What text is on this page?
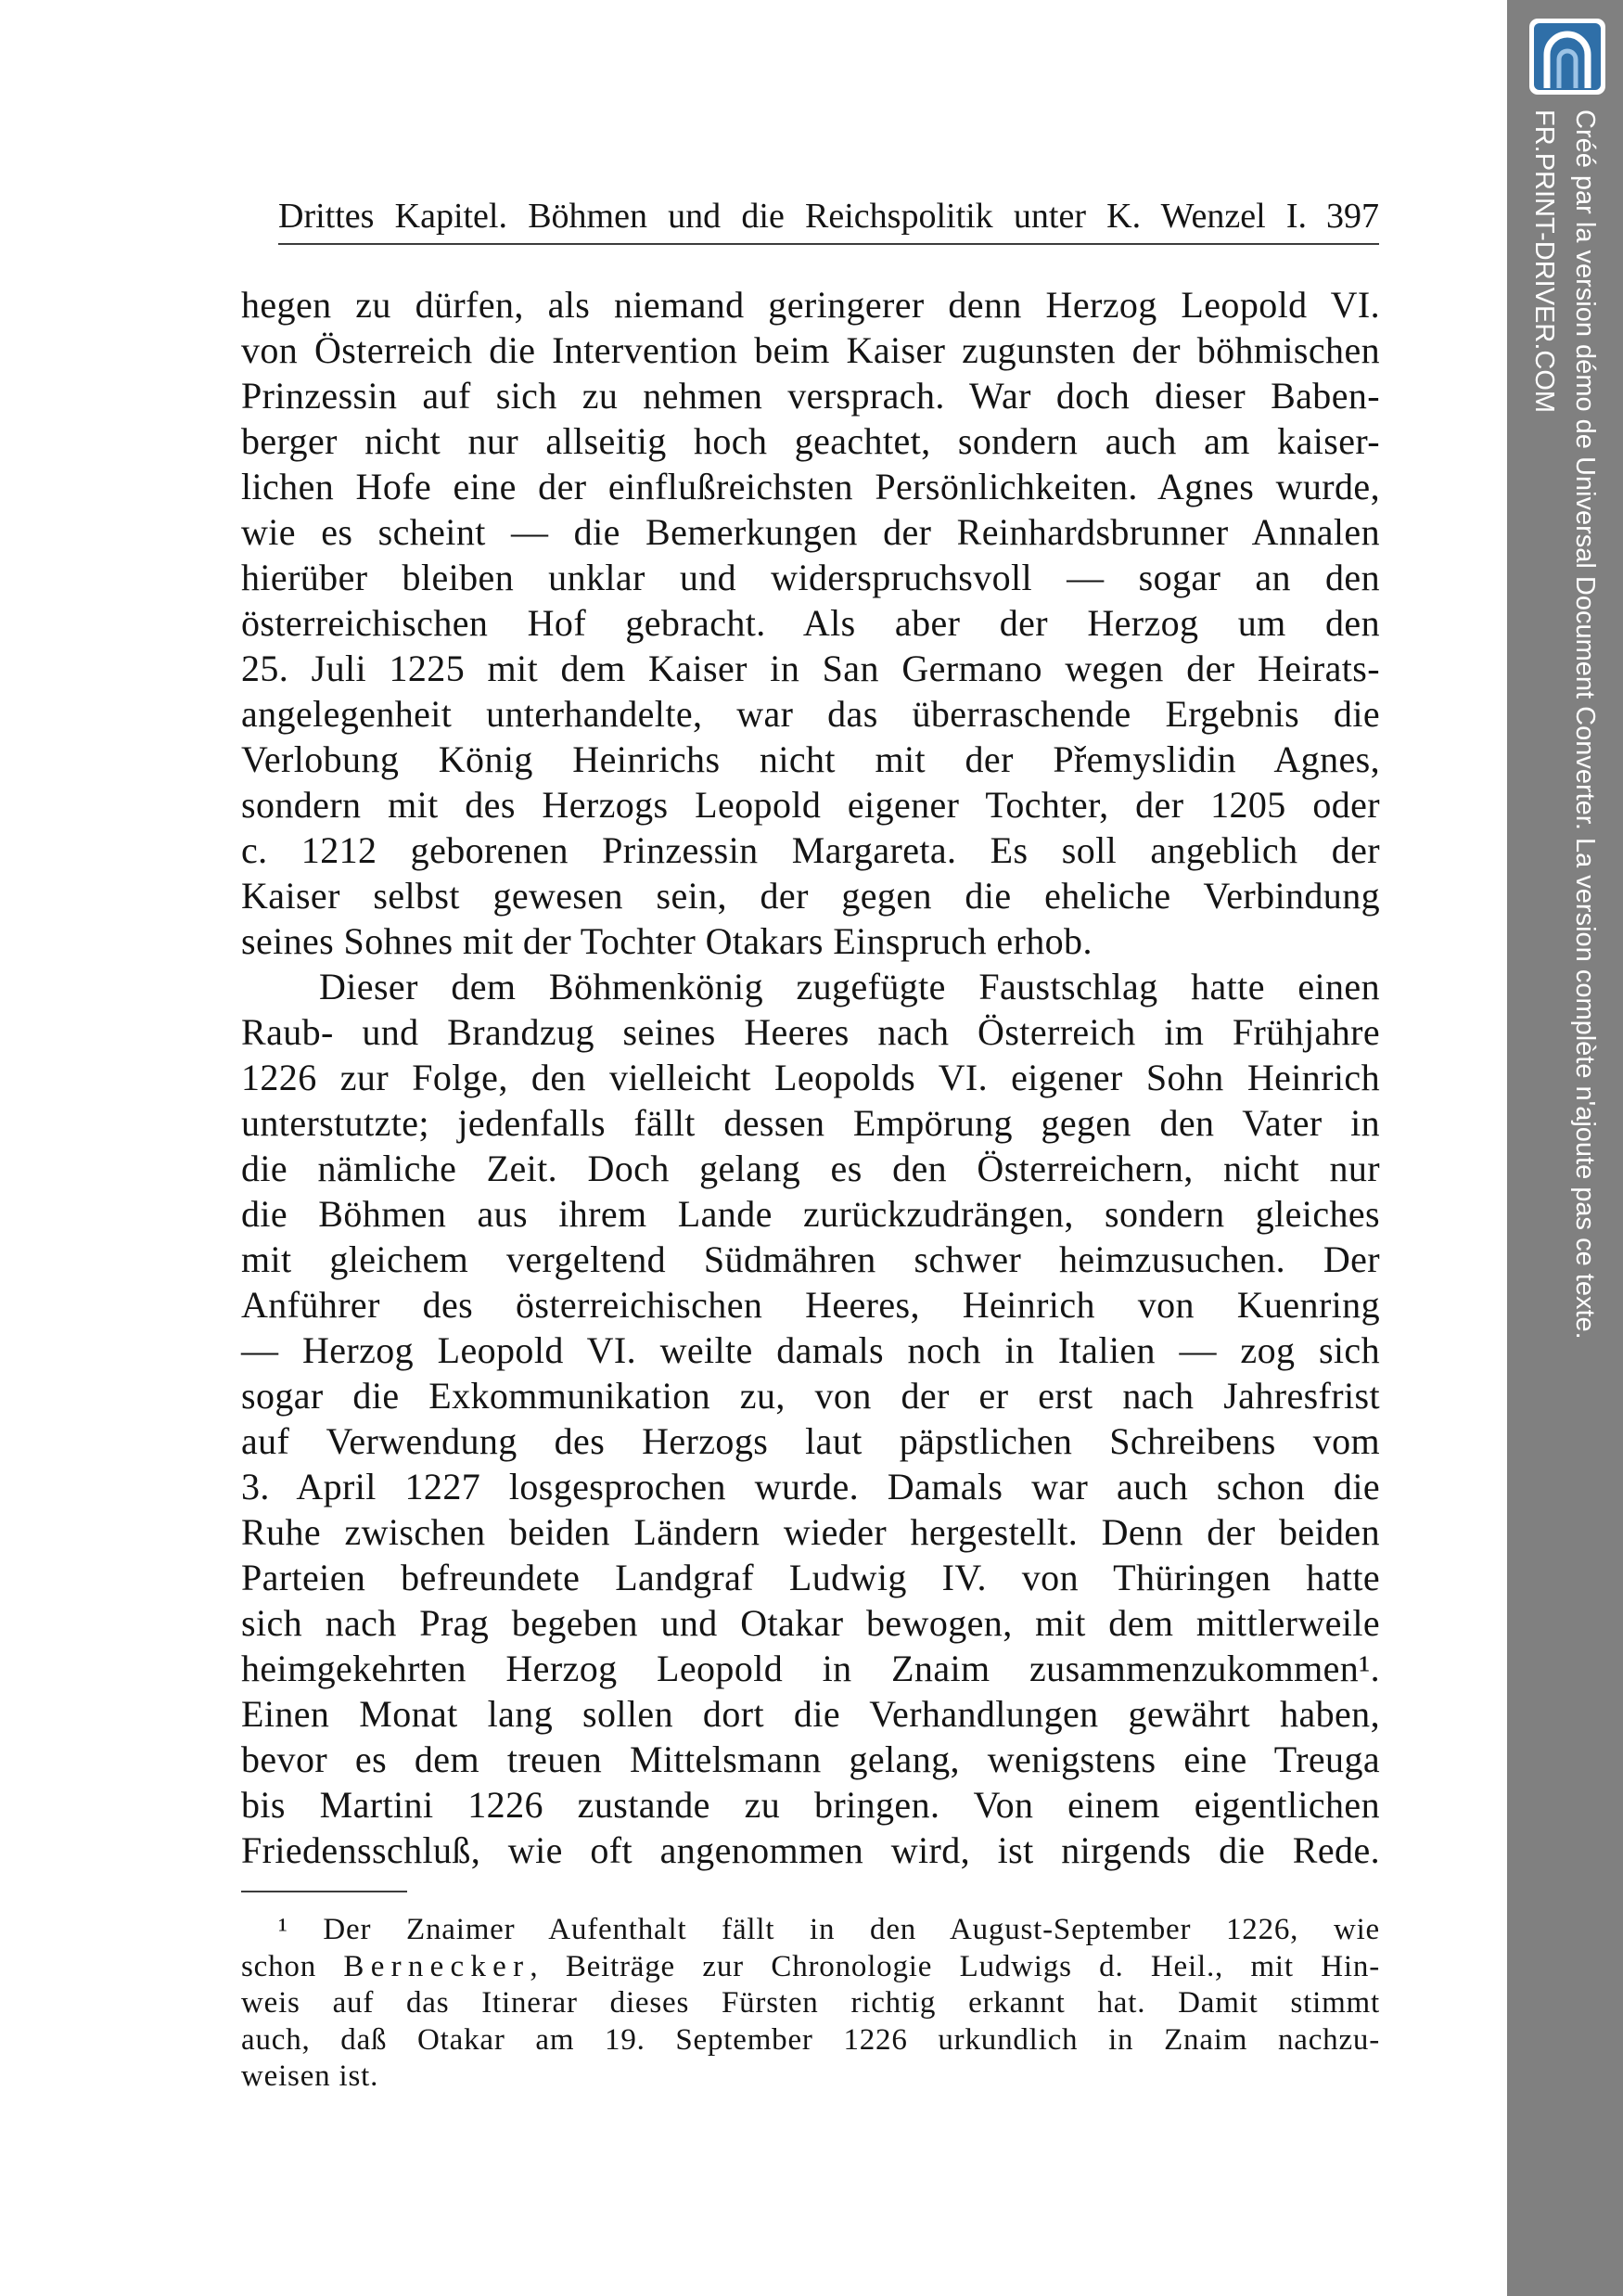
Drittes Kapitel. Böhmen und die Reichspolitik unter K. Wenzel I. 397
hegen zu dürfen, als niemand geringerer denn Herzog Leopold VI.
von Österreich die Intervention beim Kaiser zugunsten der böhmischen
Prinzessin auf sich zu nehmen versprach. War doch dieser Baben-
berger nicht nur allseitig hoch geachtet, sondern auch am kaiser-
lichen Hofe eine der einflußreichsten Persönlichkeiten. Agnes wurde,
wie es scheint — die Bemerkungen der Reinhardsbrunner Annalen
hierüber bleiben unklar und widerspruchsvoll — sogar an den
österreichischen Hof gebracht. Als aber der Herzog um den
25. Juli 1225 mit dem Kaiser in San Germano wegen der Heirats-
angelegenheit unterhandelte, war das überraschende Ergebnis die
Verlobung König Heinrichs nicht mit der Přemyslidin Agnes,
sondern mit des Herzogs Leopold eigener Tochter, der 1205 oder
c. 1212 geborenen Prinzessin Margareta. Es soll angeblich der
Kaiser selbst gewesen sein, der gegen die eheliche Verbindung
seines Sohnes mit der Tochter Otakars Einspruch erhob.
Dieser dem Böhmenkönig zugefügte Faustschlag hatte einen
Raub- und Brandzug seines Heeres nach Österreich im Frühjahre
1226 zur Folge, den vielleicht Leopolds VI. eigener Sohn Heinrich
unterstutzte; jedenfalls fällt dessen Empörung gegen den Vater in
die nämliche Zeit. Doch gelang es den Österreichern, nicht nur
die Böhmen aus ihrem Lande zurückzudrängen, sondern gleiches
mit gleichem vergeltend Südmähren schwer heimzusuchen. Der
Anführer des österreichischen Heeres, Heinrich von Kuenring
— Herzog Leopold VI. weilte damals noch in Italien — zog sich
sogar die Exkommunikation zu, von der er erst nach Jahresfrist
auf Verwendung des Herzogs laut päpstlichen Schreibens vom
3. April 1227 losgesprochen wurde. Damals war auch schon die
Ruhe zwischen beiden Ländern wieder hergestellt. Denn der beiden
Parteien befreundete Landgraf Ludwig IV. von Thüringen hatte
sich nach Prag begeben und Otakar bewogen, mit dem mittlerweile
heimgekehrten Herzog Leopold in Znaim zusammenzukommen¹.
Einen Monat lang sollen dort die Verhandlungen gewährt haben,
bevor es dem treuen Mittelsmann gelang, wenigstens eine Treuga
bis Martini 1226 zustande zu bringen. Von einem eigentlichen
Friedensschluß, wie oft angenommen wird, ist nirgends die Rede.
¹ Der Znaimer Aufenthalt fällt in den August-September 1226, wie
schon Bernecker, Beiträge zur Chronologie Ludwigs d. Heil., mit Hin-
weis auf das Itinerar dieses Fürsten richtig erkannt hat. Damit stimmt
auch, daß Otakar am 19. September 1226 urkundlich in Znaim nachzu-
weisen ist.
Créé par la version démo de Universal Document Converter. La version complète n'ajoute pas ce texte.
FR.PRINT-DRIVER.COM
